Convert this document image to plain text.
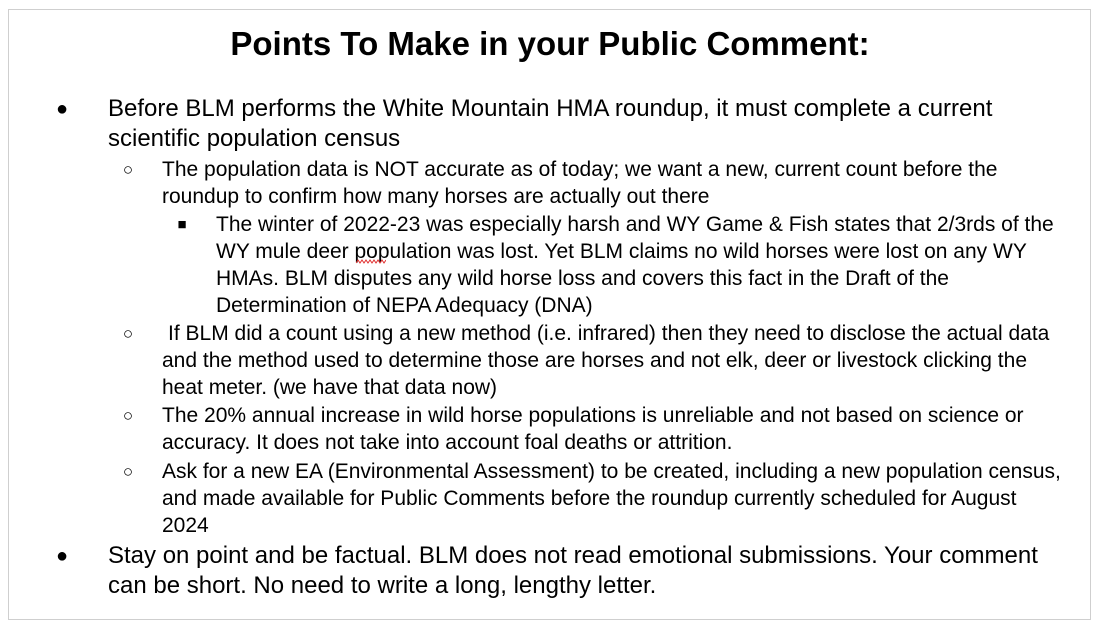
Points To Make in your Public Comment:
● Before BLM performs the White Mountain HMA roundup, it must complete a current scientific population census

○ The population data is NOT accurate as of today; we want a new, current count before the roundup to confirm how many horses are actually out there

■ The winter of 2022-23 was especially harsh and WY Game & Fish states that 2/3rds of the WY mule deer population was lost. Yet BLM claims no wild horses were lost on any WY HMAs. BLM disputes any wild horse loss and covers this fact in the Draft of the Determination of NEPA Adequacy (DNA)

○ If BLM did a count using a new method (i.e. infrared) then they need to disclose the actual data and the method used to determine those are horses and not elk, deer or livestock clicking the heat meter. (we have that data now)

○ The 20% annual increase in wild horse populations is unreliable and not based on science or accuracy. It does not take into account foal deaths or attrition.

○ Ask for a new EA (Environmental Assessment) to be created, including a new population census, and made available for Public Comments before the roundup currently scheduled for August 2024

● Stay on point and be factual. BLM does not read emotional submissions. Your comment can be short. No need to write a long, lengthy letter.
